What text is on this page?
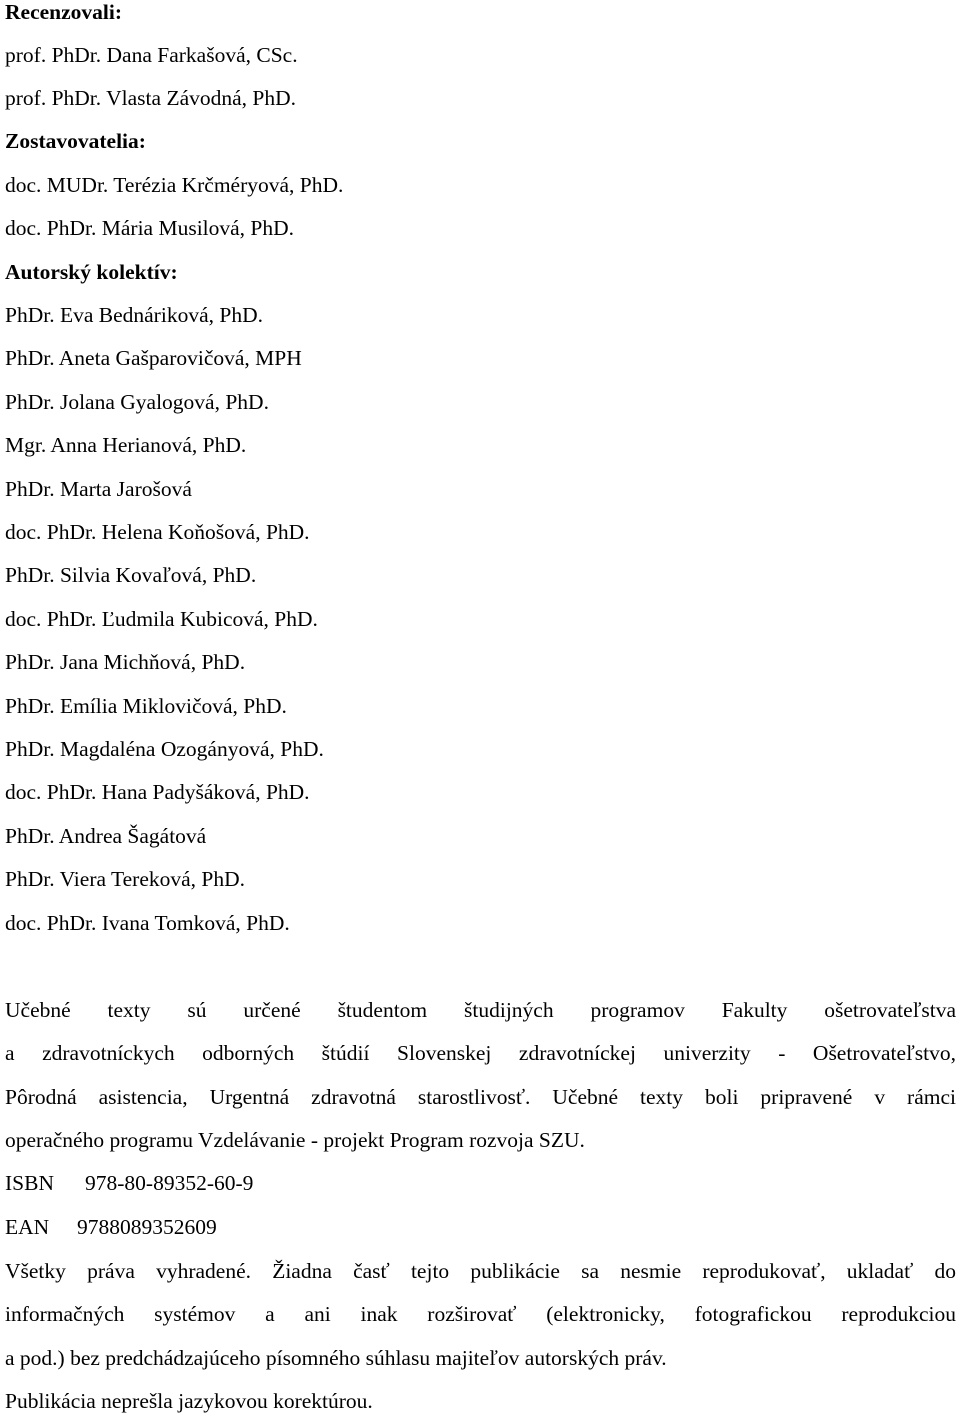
Recenzovali:
prof. PhDr. Dana Farkašová, CSc.
prof. PhDr. Vlasta Závodná, PhD.
Zostavovatelia:
doc. MUDr. Terézia Krčméryová, PhD.
doc. PhDr. Mária Musilová, PhD.
Autorský kolektív:
PhDr. Eva Bednáriková, PhD.
PhDr. Aneta Gašparovičová, MPH
PhDr. Jolana Gyalogová, PhD.
Mgr. Anna Herianová, PhD.
PhDr. Marta Jarošová
doc. PhDr. Helena Koňošová, PhD.
PhDr. Silvia Kovaľová, PhD.
doc. PhDr. Ľudmila Kubicová, PhD.
PhDr. Jana Michňová, PhD.
PhDr. Emília Miklovičová, PhD.
PhDr. Magdaléna Ozogányová, PhD.
doc. PhDr. Hana Padyšáková, PhD.
PhDr. Andrea Šagátová
PhDr. Viera Tereková, PhD.
doc. PhDr. Ivana Tomková, PhD.
Učebné texty sú určené študentom študijných programov Fakulty ošetrovateľstva
a zdravotníckych odborných štúdií Slovenskej zdravotníckej univerzity - Ošetrovateľstvo,
Pôrodná asistencia, Urgentná zdravotná starostlivosť. Učebné texty boli pripravené v rámci
operačného programu Vzdelávanie - projekt Program rozvoja SZU.
ISBN 978-80-89352-60-9
EAN 9788089352609
Všetky práva vyhradené. Žiadna časť tejto publikácie sa nesmie reprodukovať, ukladať do
informačných systémov a ani inak rozširovať (elektronicky, fotografickou reprodukciou
a pod.) bez predchádzajúceho písomného súhlasu majiteľov autorských práv.
Publikácia neprešla jazykovou korektúrou.
